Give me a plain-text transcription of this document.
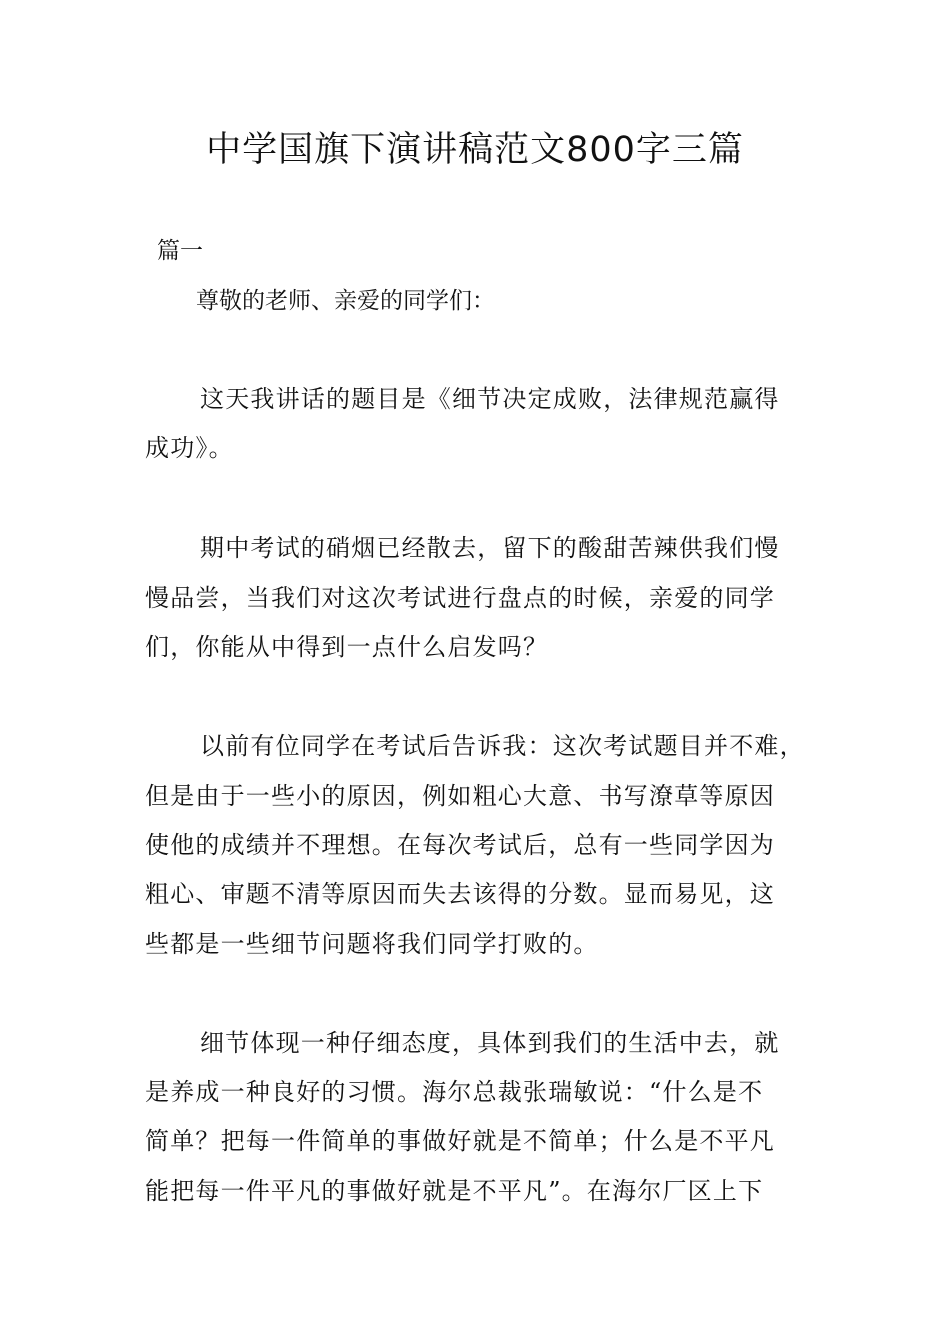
中学国旗下演讲稿范文800字三篇
篇一
尊敬的老师、亲爱的同学们：
这天我讲话的题目是《细节决定成败，法律规范赢得
成功》。
期中考试的硝烟已经散去，留下的酸甜苦辣供我们慢
慢品尝，当我们对这次考试进行盘点的时候，亲爱的同学
们，你能从中得到一点什么启发吗？
以前有位同学在考试后告诉我：这次考试题目并不难，
但是由于一些小的原因，例如粗心大意、书写潦草等原因
使他的成绩并不理想。在每次考试后，总有一些同学因为
粗心、审题不清等原因而失去该得的分数。显而易见，这
些都是一些细节问题将我们同学打败的。
细节体现一种仔细态度，具体到我们的生活中去，就
是养成一种良好的习惯。海尔总裁张瑞敏说：“什么是不
简单？把每一件简单的事做好就是不简单；什么是不平凡
能把每一件平凡的事做好就是不平凡”。在海尔厂区上下
